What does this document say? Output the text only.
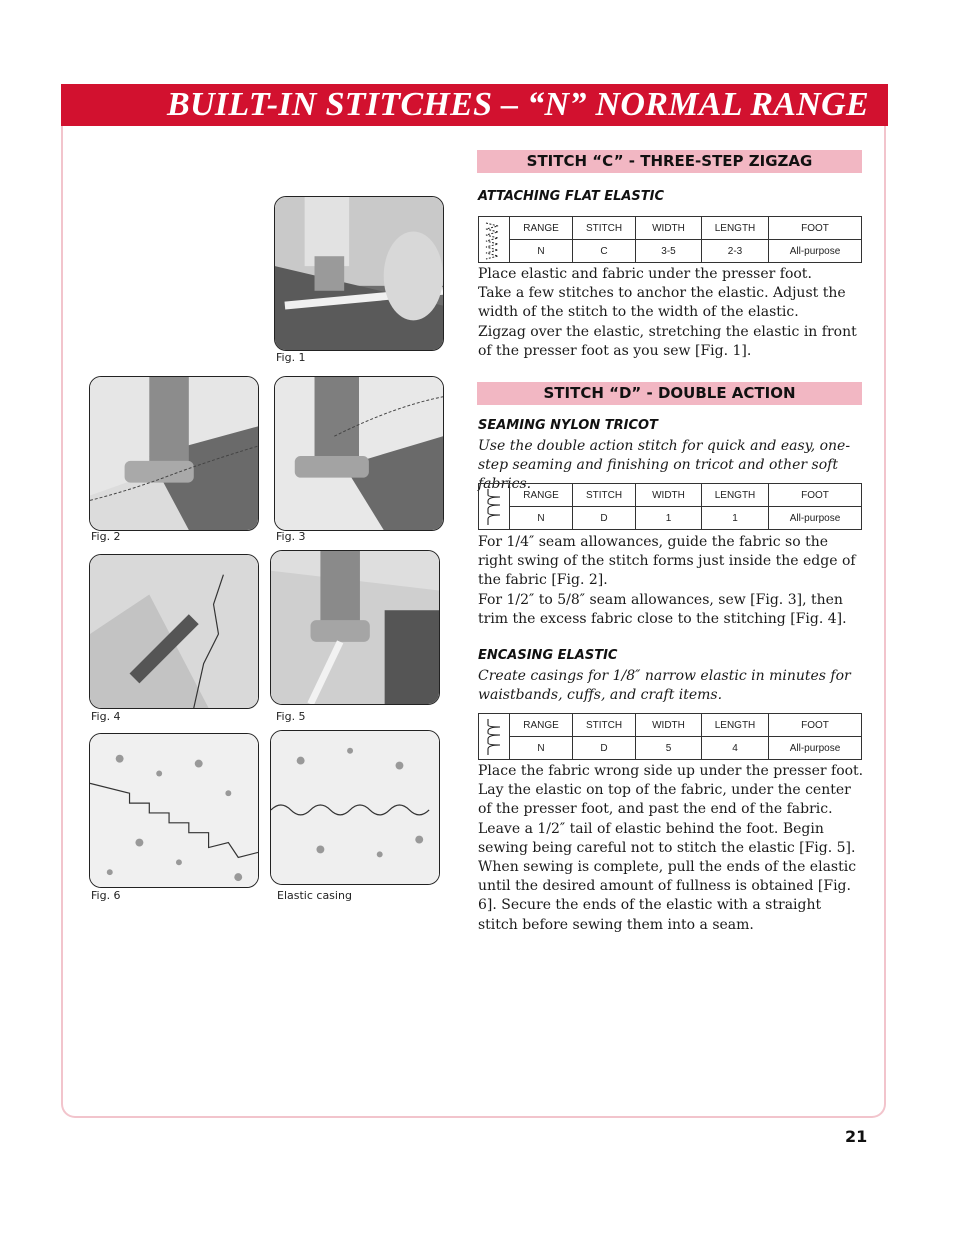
BUILT-IN STITCHES – “N” NORMAL RANGE
STITCH “C” - THREE-STEP ZIGZAG
ATTACHING FLAT ELASTIC
RANGE	STITCH	WIDTH	LENGTH	FOOT
N	C	3-5	2-3	All-purpose

Place elastic and fabric under the presser foot.

Take a few stitches to anchor the elastic. Adjust the width of the stitch to the width of the elastic.

Zigzag over the elastic, stretching the elastic in front of the presser foot as you sew [Fig. 1].

STITCH “D” - DOUBLE ACTION
SEAMING NYLON TRICOT
Use the double action stitch for quick and easy, one-step seaming and finishing on tricot and other soft fabrics.
RANGE	STITCH	WIDTH	LENGTH	FOOT
N	D	1	1	All-purpose

For 1/4″ seam allowances, guide the fabric so the right swing of the stitch forms just inside the edge of the fabric [Fig. 2].

For 1/2″ to 5/8″ seam allowances, sew [Fig. 3], then trim the excess fabric close to the stitching [Fig. 4].

ENCASING ELASTIC
Create casings for 1/8″ narrow elastic in minutes for waistbands, cuffs, and craft items.
RANGE	STITCH	WIDTH	LENGTH	FOOT
N	D	5	4	All-purpose
Place the fabric wrong side up under the presser foot. Lay the elastic on top of the fabric, under the center of the presser foot, and past the end of the fabric. Leave a 1/2″ tail of elastic behind the foot. Begin sewing being careful not to stitch the elastic [Fig. 5]. When sewing is complete, pull the ends of the elastic until the desired amount of fullness is obtained [Fig. 6]. Secure the ends of the elastic with a straight stitch before sewing them into a seam.
Fig. 1
Fig. 2	Fig. 3
Fig. 4	Fig. 5
Fig. 6	Elastic casing
21
